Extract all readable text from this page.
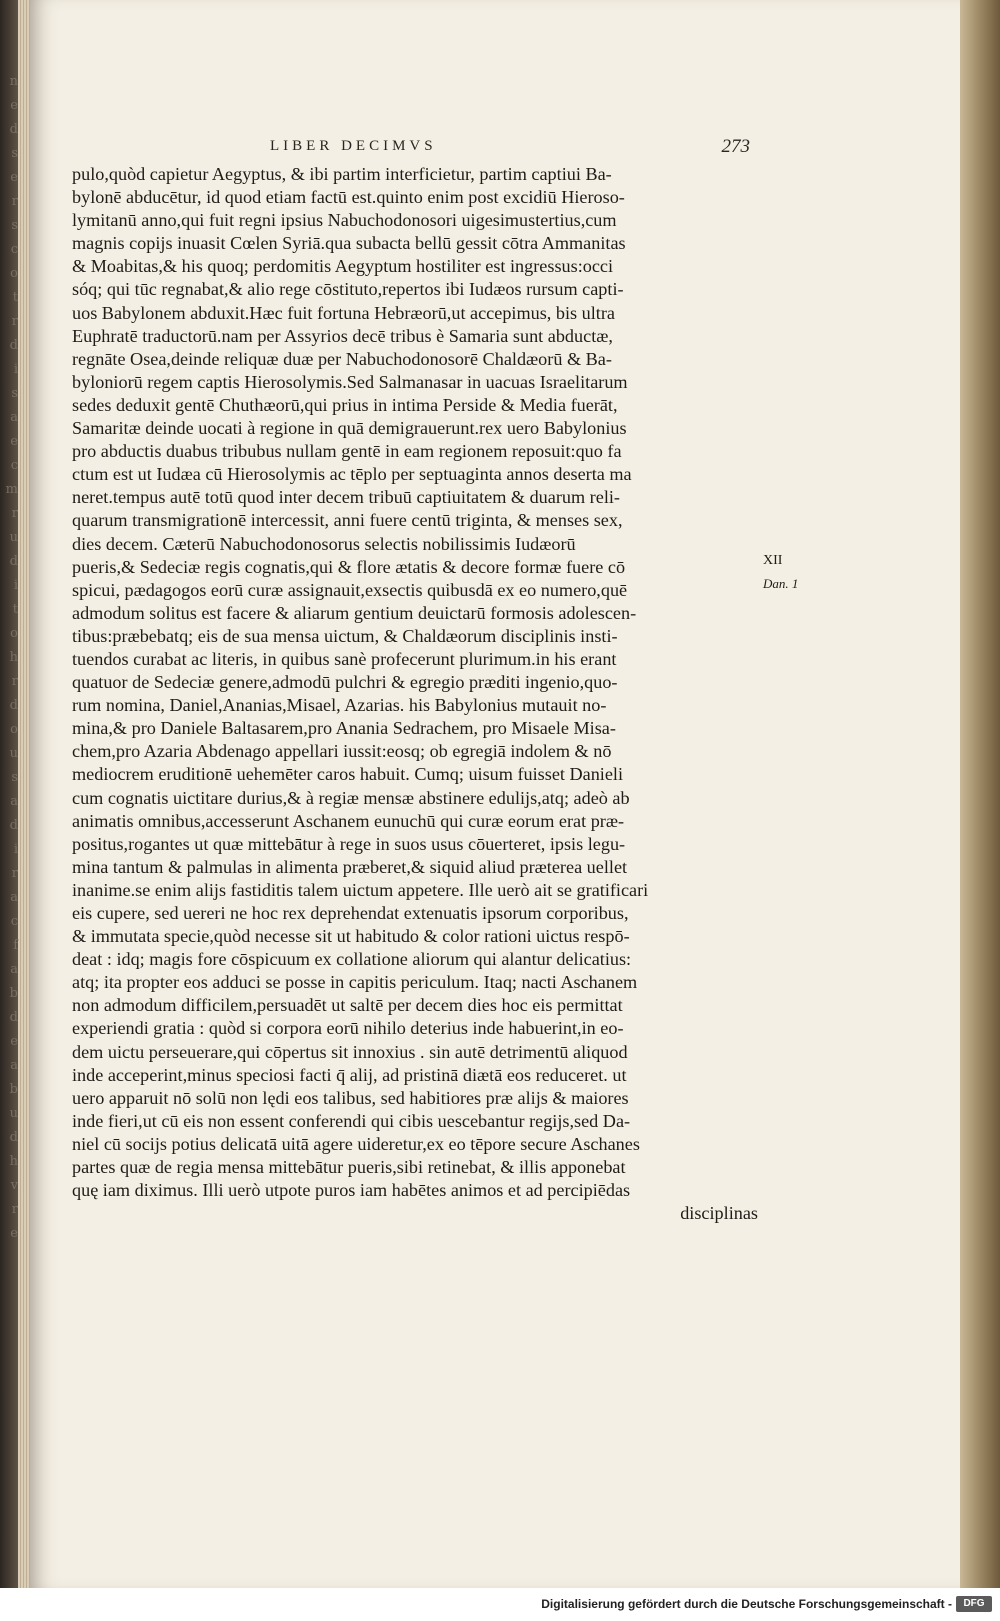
n
e
d
s
e
r
s
c
o
t
r
d
i
s
a
e
c
m
r
u
d
i
t
o
h
r
d
o
u
s
a
d
i
r
a
c
f
a
b
d
e
a
b
u
d
h
v
r
e
LIBER DECIMVS	273
pulo,quòd capietur Aegyptus, & ibi partim interficietur, partim captiui Ba-
bylonē abducētur, id quod etiam factū est.quinto enim post excidiū Hieroso-
lymitanū anno,qui fuit regni ipsius Nabuchodonosori uigesimustertius,cum
magnis copijs inuasit Cœlen Syriā.qua subacta bellū gessit cōtra Ammanitas
& Moabitas,& his quoq; perdomitis Aegyptum hostiliter est ingressus:occi
sóq; qui tūc regnabat,& alio rege cōstituto,repertos ibi Iudæos rursum capti-
uos Babylonem abduxit.Hæc fuit fortuna Hebræorū,ut accepimus, bis ultra
Euphratē traductorū.nam per Assyrios decē tribus è Samaria sunt abductæ,
regnāte Osea,deinde reliquæ duæ per Nabuchodonosorē Chaldæorū & Ba-
byloniorū regem captis Hierosolymis.Sed Salmanasar in uacuas Israelitarum
sedes deduxit gentē Chuthæorū,qui prius in intima Perside & Media fuerāt,
Samaritæ deinde uocati à regione in quā demigrauerunt.rex uero Babylonius
pro abductis duabus tribubus nullam gentē in eam regionem reposuit:quo fa
ctum est ut Iudæa cū Hierosolymis ac tēplo per septuaginta annos deserta ma
neret.tempus autē totū quod inter decem tribuū captiuitatem & duarum reli-
quarum transmigrationē intercessit, anni fuere centū triginta, & menses sex,
dies decem. Cæterū Nabuchodonosorus selectis nobilissimis Iudæorū
pueris,& Sedeciæ regis cognatis,qui & flore ætatis & decore formæ fuere cō
spicui, pædagogos eorū curæ assignauit,exsectis quibusdā ex eo numero,quē
admodum solitus est facere & aliarum gentium deuictarū formosis adolescen-
tibus:præbebatq; eis de sua mensa uictum, & Chaldæorum disciplinis insti-
tuendos curabat ac literis, in quibus sanè profecerunt plurimum.in his erant
quatuor de Sedeciæ genere,admodū pulchri & egregio præditi ingenio,quo-
rum nomina, Daniel,Ananias,Misael, Azarias. his Babylonius mutauit no-
mina,& pro Daniele Baltasarem,pro Anania Sedrachem, pro Misaele Misa-
chem,pro Azaria Abdenago appellari iussit:eosq; ob egregiā indolem & nō
mediocrem eruditionē uehemēter caros habuit. Cumq; uisum fuisset Danieli
cum cognatis uictitare durius,& à regiæ mensæ abstinere edulijs,atq; adeò ab
animatis omnibus,accesserunt Aschanem eunuchū qui curæ eorum erat præ-
positus,rogantes ut quæ mittebātur à rege in suos usus cōuerteret, ipsis legu-
mina tantum & palmulas in alimenta præberet,& siquid aliud præterea uellet
inanime.se enim alijs fastiditis talem uictum appetere. Ille uerò ait se gratificari
eis cupere, sed uereri ne hoc rex deprehendat extenuatis ipsorum corporibus,
& immutata specie,quòd necesse sit ut habitudo & color rationi uictus respō-
deat : idq; magis fore cōspicuum ex collatione aliorum qui alantur delicatius:
atq; ita propter eos adduci se posse in capitis periculum. Itaq; nacti Aschanem
non admodum difficilem,persuadēt ut saltē per decem dies hoc eis permittat
experiendi gratia : quòd si corpora eorū nihilo deterius inde habuerint,in eo-
dem uictu perseuerare,qui cōpertus sit innoxius . sin autē detrimentū aliquod
inde acceperint,minus speciosi facti q̄ alij, ad pristinā diætā eos reduceret. ut
uero apparuit nō solū non lędi eos talibus, sed habitiores præ alijs & maiores
inde fieri,ut cū eis non essent conferendi qui cibis uescebantur regijs,sed Da-
niel cū socijs potius delicatā uitā agere uideretur,ex eo tēpore secure Aschanes
partes quæ de regia mensa mittebātur pueris,sibi retinebat, & illis apponebat
quę iam diximus. Illi uerò utpote puros iam habētes animos et ad percipiēdas
disciplinas
XII
Dan. 1
Digitalisierung gefördert durch die Deutsche Forschungsgemeinschaft -	DFG
